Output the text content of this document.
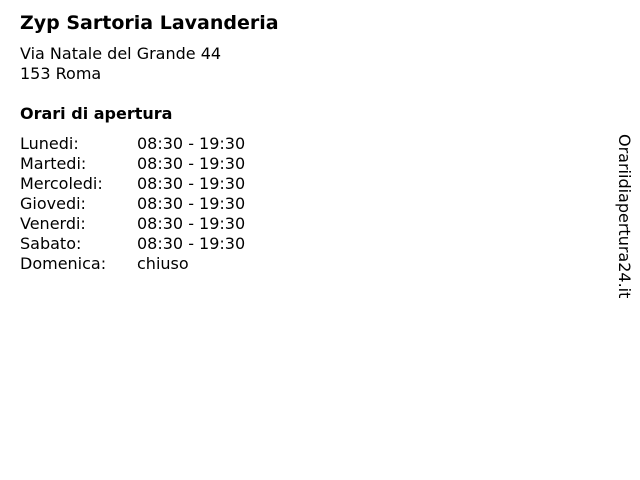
Zyp Sartoria Lavanderia
Via Natale del Grande 44
153 Roma
Orari di apertura
Lunedi:	08:30 - 19:30
Martedi:	08:30 - 19:30
Mercoledi:	08:30 - 19:30
Giovedi:	08:30 - 19:30
Venerdi:	08:30 - 19:30
Sabato:	08:30 - 19:30
Domenica:	chiuso	Orariidiapertura24.it
